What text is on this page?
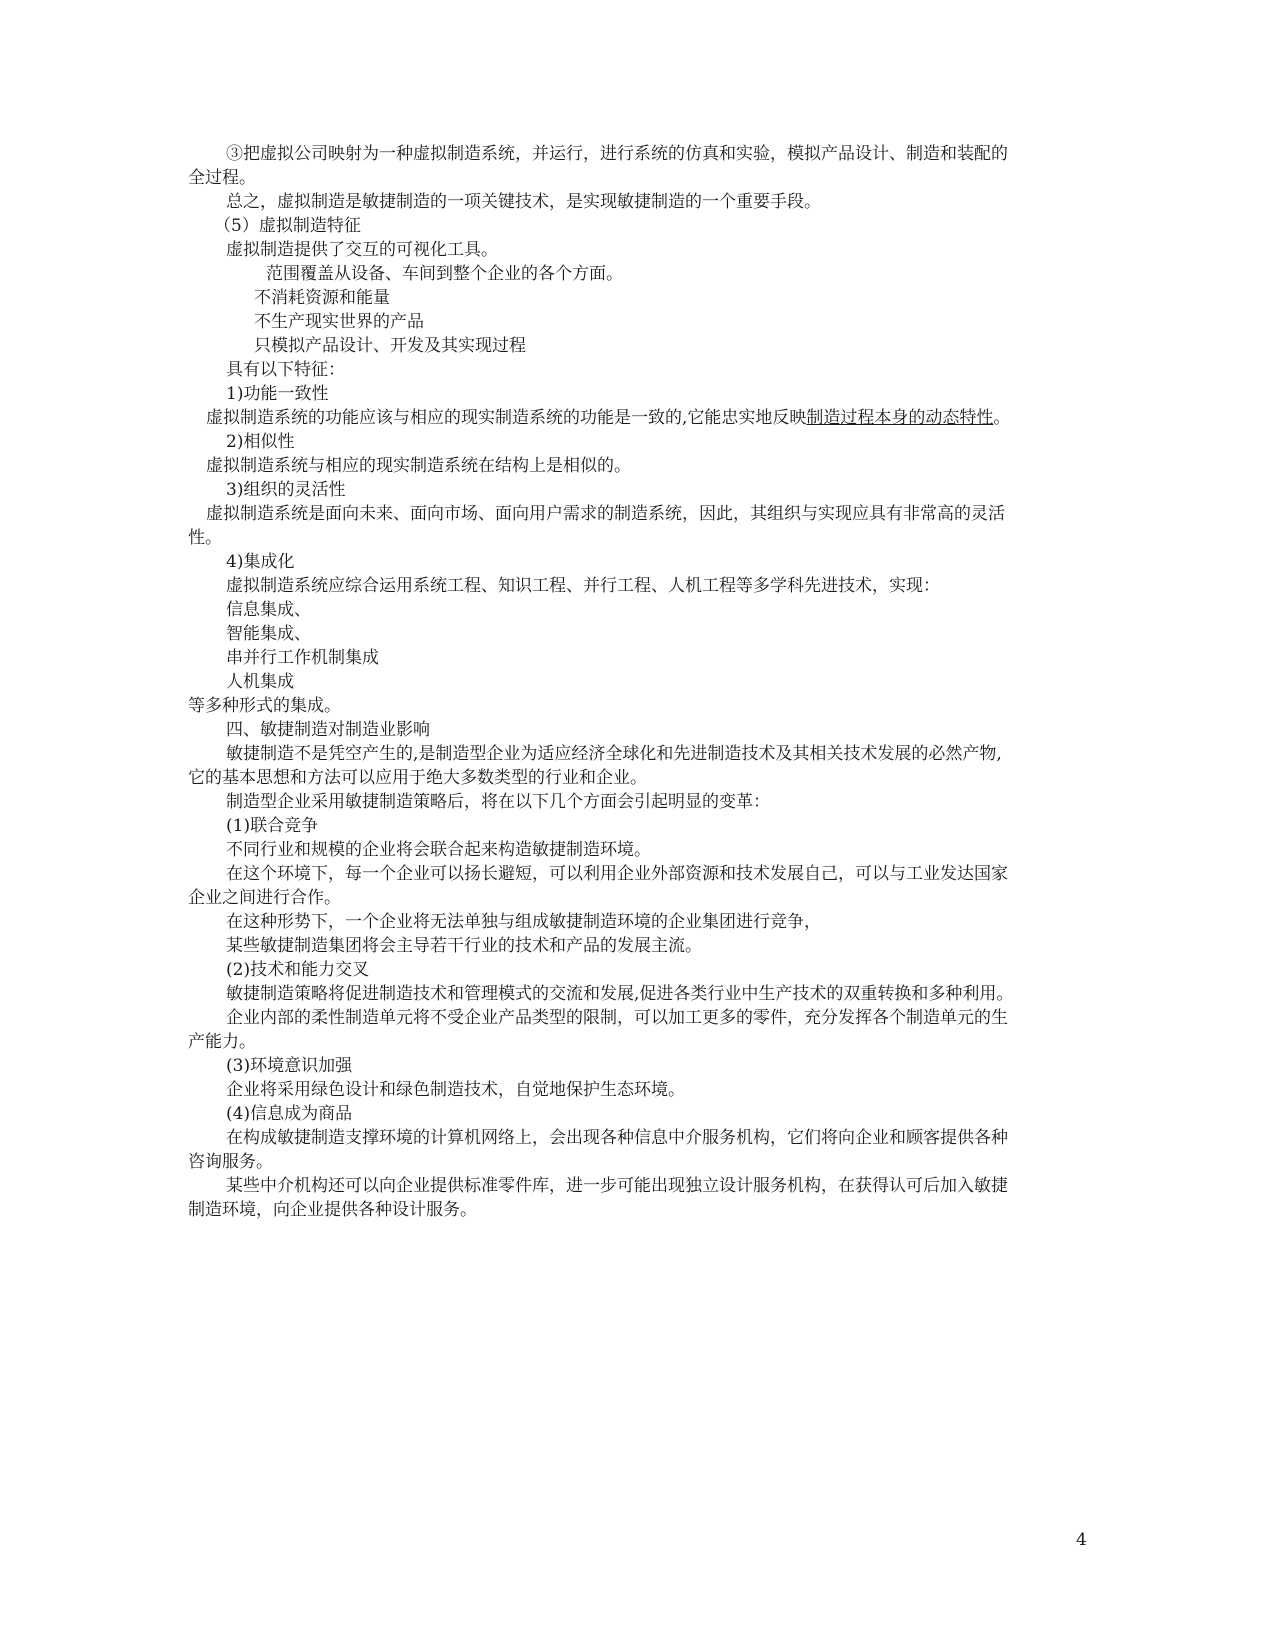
③把虚拟公司映射为一种虚拟制造系统，并运行，进行系统的仿真和实验，模拟产品设计、制造和装配的
全过程。
总之，虚拟制造是敏捷制造的一项关键技术，是实现敏捷制造的一个重要手段。
（5）虚拟制造特征
虚拟制造提供了交互的可视化工具。
范围覆盖从设备、车间到整个企业的各个方面。
不消耗资源和能量
不生产现实世界的产品
只模拟产品设计、开发及其实现过程
具有以下特征：
1)功能一致性
虚拟制造系统的功能应该与相应的现实制造系统的功能是一致的,它能忠实地反映制造过程本身的动态特性。
2)相似性
虚拟制造系统与相应的现实制造系统在结构上是相似的。
3)组织的灵活性
虚拟制造系统是面向未来、面向市场、面向用户需求的制造系统，因此，其组织与实现应具有非常高的灵活
性。
4)集成化
虚拟制造系统应综合运用系统工程、知识工程、并行工程、人机工程等多学科先进技术，实现：
信息集成、
智能集成、
串并行工作机制集成
人机集成
等多种形式的集成。
四、敏捷制造对制造业影响
敏捷制造不是凭空产生的,是制造型企业为适应经济全球化和先进制造技术及其相关技术发展的必然产物,
它的基本思想和方法可以应用于绝大多数类型的行业和企业。
制造型企业采用敏捷制造策略后，将在以下几个方面会引起明显的变革：
(1)联合竞争
不同行业和规模的企业将会联合起来构造敏捷制造环境。
在这个环境下，每一个企业可以扬长避短，可以利用企业外部资源和技术发展自己，可以与工业发达国家
企业之间进行合作。
在这种形势下，一个企业将无法单独与组成敏捷制造环境的企业集团进行竞争，
某些敏捷制造集团将会主导若干行业的技术和产品的发展主流。
(2)技术和能力交叉
敏捷制造策略将促进制造技术和管理模式的交流和发展,促进各类行业中生产技术的双重转换和多种利用。
企业内部的柔性制造单元将不受企业产品类型的限制，可以加工更多的零件，充分发挥各个制造单元的生
产能力。
(3)环境意识加强
企业将采用绿色设计和绿色制造技术，自觉地保护生态环境。
(4)信息成为商品
在构成敏捷制造支撑环境的计算机网络上，会出现各种信息中介服务机构，它们将向企业和顾客提供各种
咨询服务。
某些中介机构还可以向企业提供标准零件库，进一步可能出现独立设计服务机构，在获得认可后加入敏捷
制造环境，向企业提供各种设计服务。
4
